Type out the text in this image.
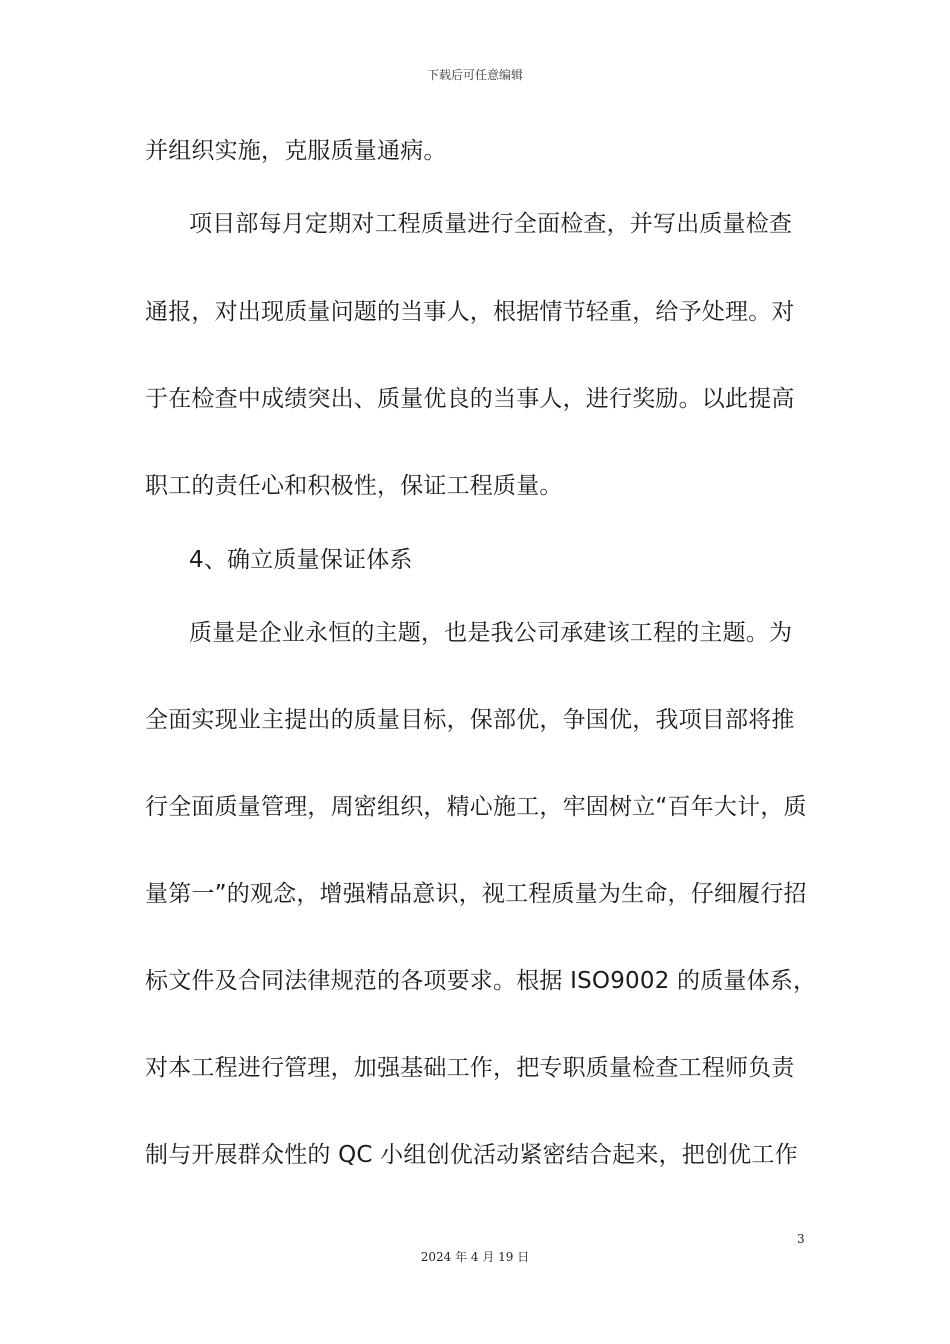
下载后可任意编辑
并组织实施，克服质量通病。
项目部每月定期对工程质量进行全面检查，并写出质量检查
通报，对出现质量问题的当事人，根据情节轻重，给予处理。对
于在检查中成绩突出、质量优良的当事人，进行奖励。以此提高
职工的责任心和积极性，保证工程质量。
4、确立质量保证体系
质量是企业永恒的主题，也是我公司承建该工程的主题。为
全面实现业主提出的质量目标，保部优，争国优，我项目部将推
行全面质量管理，周密组织，精心施工，牢固树立“百年大计，质
量第一”的观念，增强精品意识，视工程质量为生命，仔细履行招
标文件及合同法律规范的各项要求。根据 ISO9002 的质量体系，
对本工程进行管理，加强基础工作，把专职质量检查工程师负责
制与开展群众性的 QC 小组创优活动紧密结合起来，把创优工作
3
2024 年 4 月 19 日
